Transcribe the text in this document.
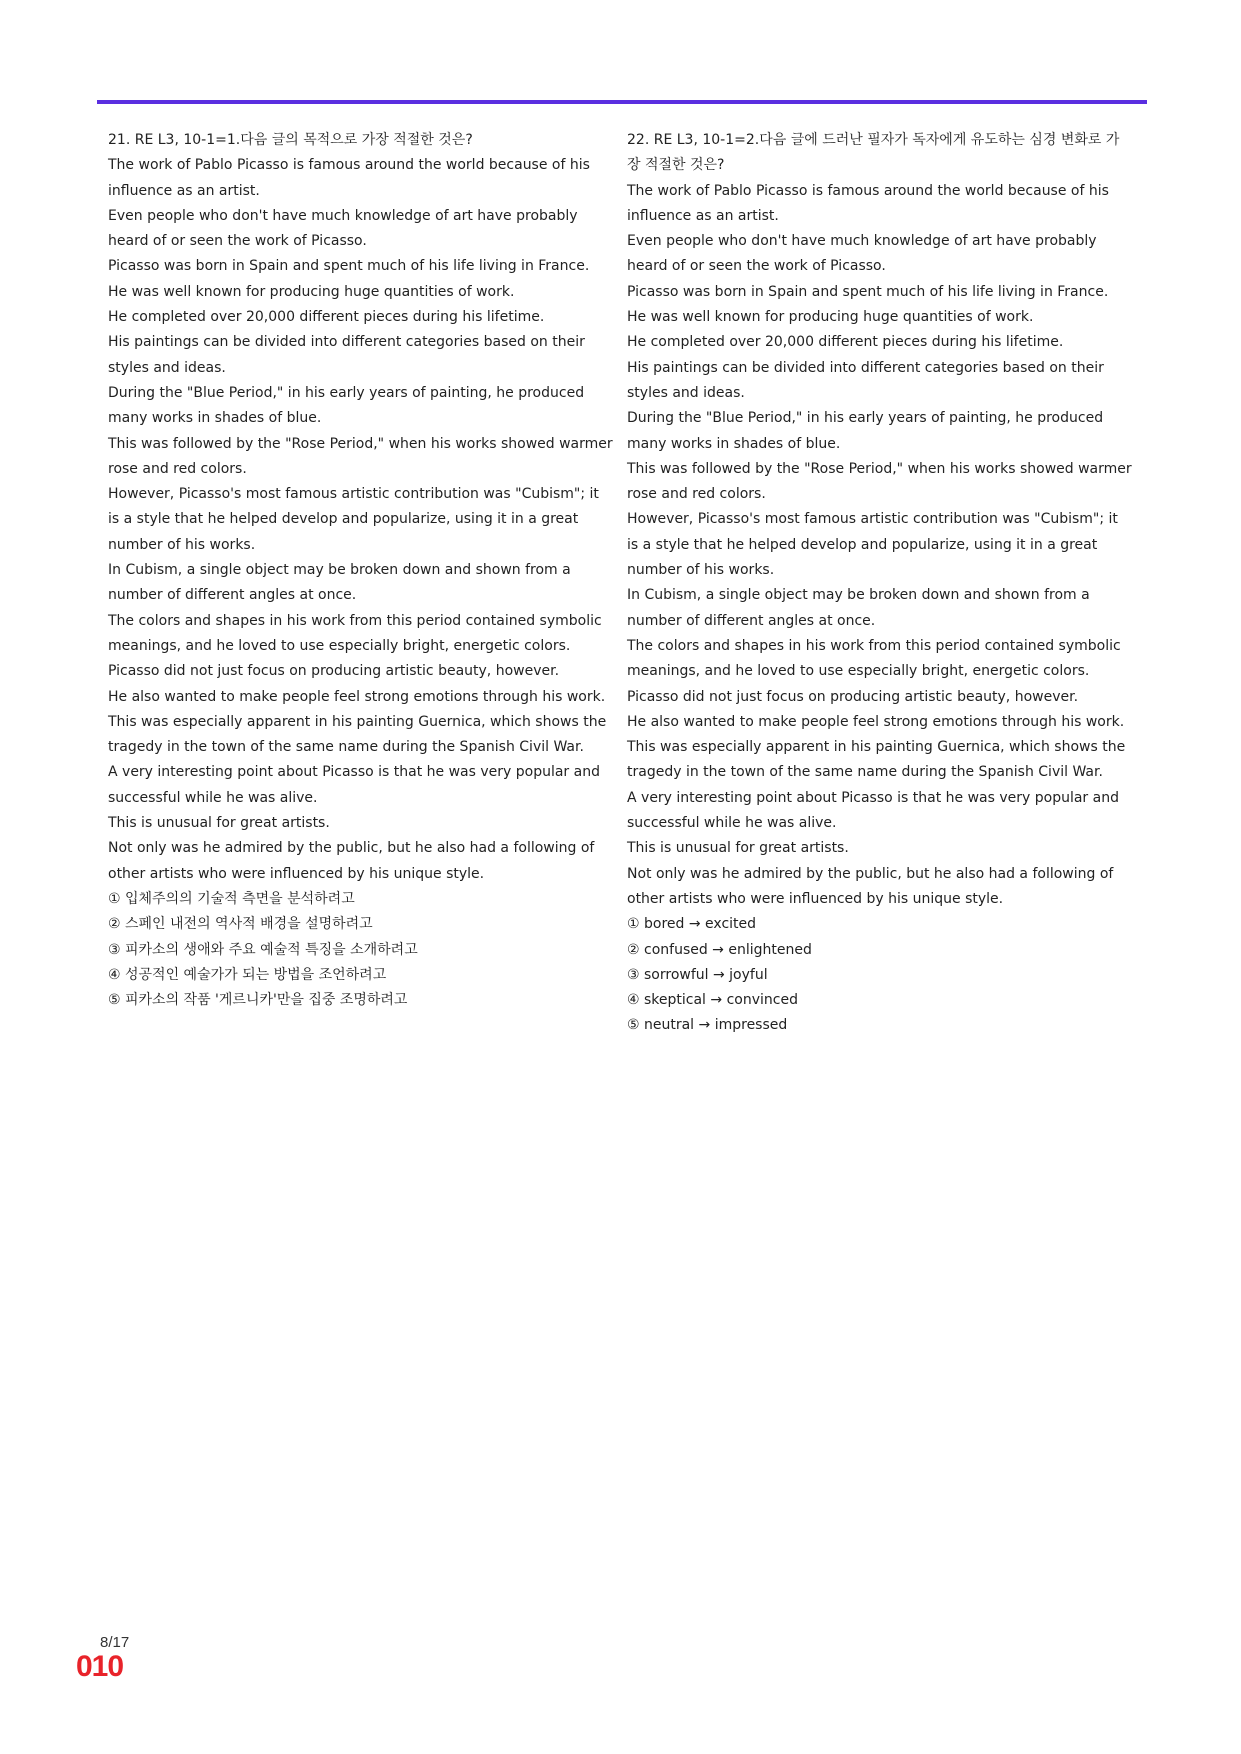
21. RE L3, 10-1=1.다음 글의 목적으로 가장 적절한 것은?

The work of Pablo Picasso is famous around the world because of his influence as an artist.

Even people who don't have much knowledge of art have probably heard of or seen the work of Picasso.

Picasso was born in Spain and spent much of his life living in France.

He was well known for producing huge quantities of work.

He completed over 20,000 different pieces during his lifetime.

His paintings can be divided into different categories based on their styles and ideas.

During the "Blue Period," in his early years of painting, he produced many works in shades of blue.

This was followed by the "Rose Period," when his works showed warmer rose and red colors.

However, Picasso's most famous artistic contribution was "Cubism"; it is a style that he helped develop and popularize, using it in a great number of his works.

In Cubism, a single object may be broken down and shown from a number of different angles at once.

The colors and shapes in his work from this period contained symbolic meanings, and he loved to use especially bright, energetic colors.

Picasso did not just focus on producing artistic beauty, however.

He also wanted to make people feel strong emotions through his work.

This was especially apparent in his painting Guernica, which shows the tragedy in the town of the same name during the Spanish Civil War.

A very interesting point about Picasso is that he was very popular and successful while he was alive.

This is unusual for great artists.

Not only was he admired by the public, but he also had a following of other artists who were influenced by his unique style.

① 입체주의의 기술적 측면을 분석하려고
② 스페인 내전의 역사적 배경을 설명하려고
③ 피카소의 생애와 주요 예술적 특징을 소개하려고
④ 성공적인 예술가가 되는 방법을 조언하려고
⑤ 피카소의 작품 '게르니카'만을 집중 조명하려고

22. RE L3, 10-1=2.다음 글에 드러난 필자가 독자에게 유도하는 심경 변화로 가장 적절한 것은?

The work of Pablo Picasso is famous around the world because of his influence as an artist.

Even people who don't have much knowledge of art have probably heard of or seen the work of Picasso.

Picasso was born in Spain and spent much of his life living in France.

He was well known for producing huge quantities of work.

He completed over 20,000 different pieces during his lifetime.

His paintings can be divided into different categories based on their styles and ideas.

During the "Blue Period," in his early years of painting, he produced many works in shades of blue.

This was followed by the "Rose Period," when his works showed warmer rose and red colors.

However, Picasso's most famous artistic contribution was "Cubism"; it is a style that he helped develop and popularize, using it in a great number of his works.

In Cubism, a single object may be broken down and shown from a number of different angles at once.

The colors and shapes in his work from this period contained symbolic meanings, and he loved to use especially bright, energetic colors.

Picasso did not just focus on producing artistic beauty, however.

He also wanted to make people feel strong emotions through his work.

This was especially apparent in his painting Guernica, which shows the tragedy in the town of the same name during the Spanish Civil War.

A very interesting point about Picasso is that he was very popular and successful while he was alive.

This is unusual for great artists.

Not only was he admired by the public, but he also had a following of other artists who were influenced by his unique style.

① bored → excited
② confused → enlightened
③ sorrowful → joyful
④ skeptical → convinced
⑤ neutral → impressed
8/17
010
